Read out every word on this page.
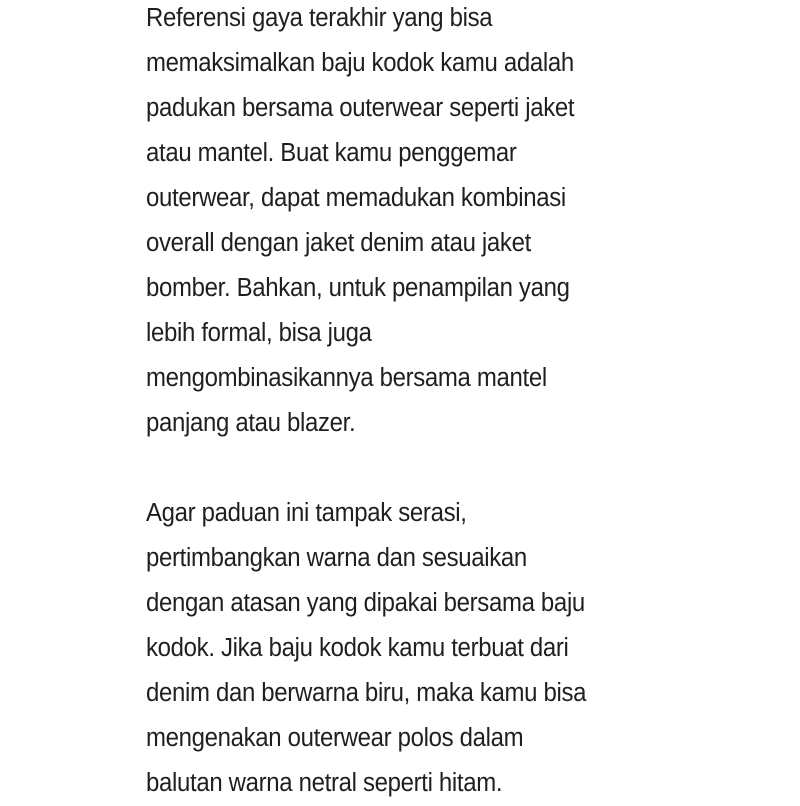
Referensi gaya terakhir yang bisa
memaksimalkan baju kodok kamu adalah
padukan bersama outerwear seperti jaket
atau mantel. Buat kamu penggemar
outerwear, dapat memadukan kombinasi
overall dengan jaket denim atau jaket
bomber. Bahkan, untuk penampilan yang
lebih formal, bisa juga
mengombinasikannya bersama mantel
panjang atau blazer.
Agar paduan ini tampak serasi,
pertimbangkan warna dan sesuaikan
dengan atasan yang dipakai bersama baju
kodok. Jika baju kodok kamu terbuat dari
denim dan berwarna biru, maka kamu bisa
mengenakan outerwear polos dalam
balutan warna netral seperti hitam.
